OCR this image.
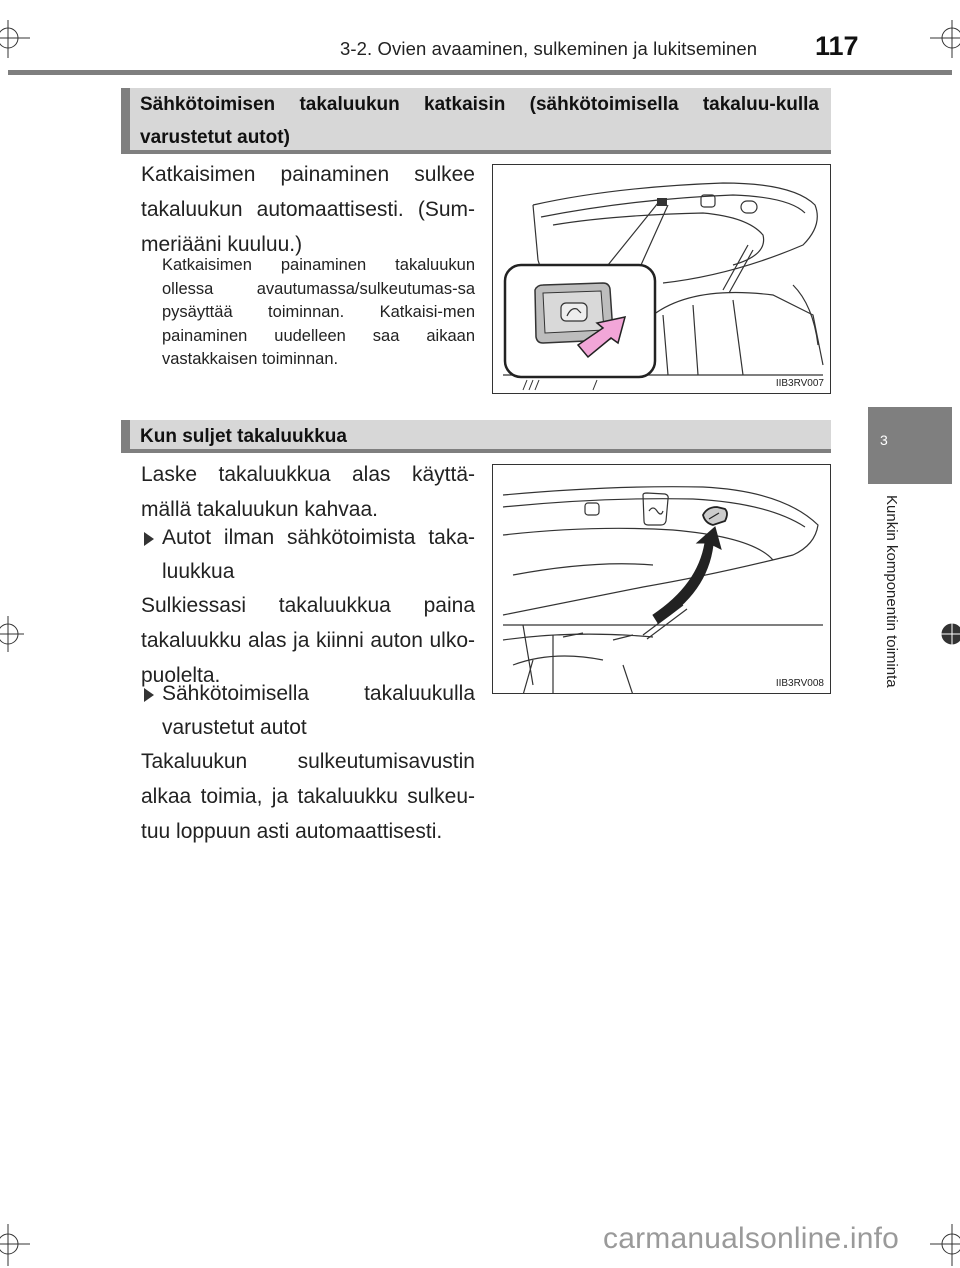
3-2. Ovien avaaminen, sulkeminen ja lukitseminen 117
3
Kunkin komponentin toiminta
Sähkötoimisen takaluukun katkaisin (sähkötoimisella takaluu-kulla varustetut autot)
Katkaisimen painaminen sulkee takaluukun automaattisesti. (Sum-meriääni kuuluu.)
Katkaisimen painaminen takaluukun ollessa avautumassa/sulkeutumas-sa pysäyttää toiminnan. Katkaisi-men painaminen uudelleen saa aikaan vastakkaisen toiminnan.
IIB3RV007
Kun suljet takaluukkua
Laske takaluukkua alas käyttä-mällä takaluukun kahvaa.
Autot ilman sähkötoimista taka-luukkua
Sulkiessasi takaluukkua paina takaluukku alas ja kiinni auton ulko-puolelta.
Sähkötoimisella takaluukulla varustetut autot
Takaluukun sulkeutumisavustin alkaa toimia, ja takaluukku sulkeu-tuu loppuun asti automaattisesti.
IIB3RV008
carmanualsonline.info
